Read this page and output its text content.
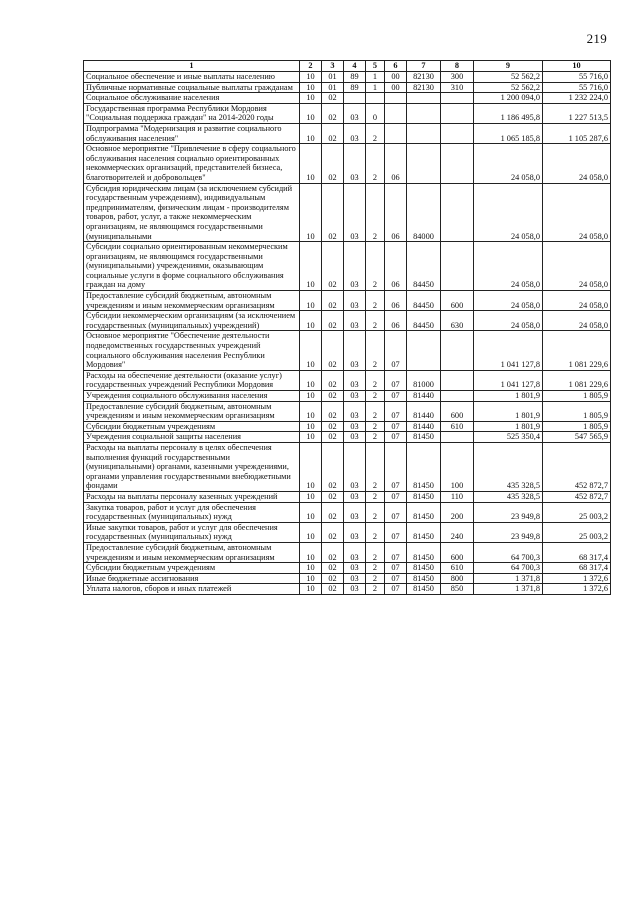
219
1	2	3	4	5	6	7	8	9	10
Социальное обеспечение и иные выплаты населению	10	01	89	1	00	82130	300	52 562,2	55 716,0
Публичные нормативные социальные выплаты гражданам	10	01	89	1	00	82130	310	52 562,2	55 716,0
Социальное обслуживание населения	10	02						1 200 094,0	1 232 224,0
Государственная программа Республики Мордовия "Социальная поддержка граждан" на 2014-2020 годы	10	02	03	0				1 186 495,8	1 227 513,5
Подпрограмма "Модернизация и развитие социального обслуживания населения"	10	02	03	2				1 065 185,8	1 105 287,6
Основное мероприятие "Привлечение в сферу социального обслуживания населения социально ориентированных некоммерческих организаций, представителей бизнеса, благотворителей и добровольцев"	10	02	03	2	06			24 058,0	24 058,0
Субсидия юридическим лицам (за исключением субсидий государственным учреждениям), индивидуальным предпринимателям, физическим лицам - производителям товаров, работ, услуг, а также некоммерческим организациям, не являющимся государственными (муниципальными	10	02	03	2	06	84000		24 058,0	24 058,0
Субсидии социально ориентированным некоммерческим организациям, не являющимся государственными (муниципальными) учреждениями, оказывающим социальные услуги в форме социального обслуживания граждан на дому	10	02	03	2	06	84450		24 058,0	24 058,0
Предоставление субсидий бюджетным, автономным учреждениям и иным некоммерческим организациям	10	02	03	2	06	84450	600	24 058,0	24 058,0
Субсидии некоммерческим организациям (за исключением государственных (муниципальных) учреждений)	10	02	03	2	06	84450	630	24 058,0	24 058,0
Основное мероприятие "Обеспечение деятельности подведомственных государственных учреждений социального обслуживания населения Республики Мордовия"	10	02	03	2	07			1 041 127,8	1 081 229,6
Расходы на обеспечение деятельности (оказание услуг) государственных учреждений Республики Мордовия	10	02	03	2	07	81000		1 041 127,8	1 081 229,6
Учреждения социального обслуживания населения	10	02	03	2	07	81440		1 801,9	1 805,9
Предоставление субсидий бюджетным, автономным учреждениям и иным некоммерческим организациям	10	02	03	2	07	81440	600	1 801,9	1 805,9
Субсидии бюджетным учреждениям	10	02	03	2	07	81440	610	1 801,9	1 805,9
Учреждения социальной защиты населения	10	02	03	2	07	81450		525 350,4	547 565,9
Расходы на выплаты персоналу в целях обеспечения выполнения функций государственными (муниципальными) органами, казенными учреждениями, органами управления государственными внебюджетными фондами	10	02	03	2	07	81450	100	435 328,5	452 872,7
Расходы на выплаты персоналу казенных учреждений	10	02	03	2	07	81450	110	435 328,5	452 872,7
Закупка товаров, работ и услуг для обеспечения государственных (муниципальных) нужд	10	02	03	2	07	81450	200	23 949,8	25 003,2
Иные закупки товаров, работ и услуг для обеспечения государственных (муниципальных) нужд	10	02	03	2	07	81450	240	23 949,8	25 003,2
Предоставление субсидий бюджетным, автономным учреждениям и иным некоммерческим организациям	10	02	03	2	07	81450	600	64 700,3	68 317,4
Субсидии бюджетным учреждениям	10	02	03	2	07	81450	610	64 700,3	68 317,4
Иные бюджетные ассигнования	10	02	03	2	07	81450	800	1 371,8	1 372,6
Уплата налогов, сборов и иных платежей	10	02	03	2	07	81450	850	1 371,8	1 372,6
